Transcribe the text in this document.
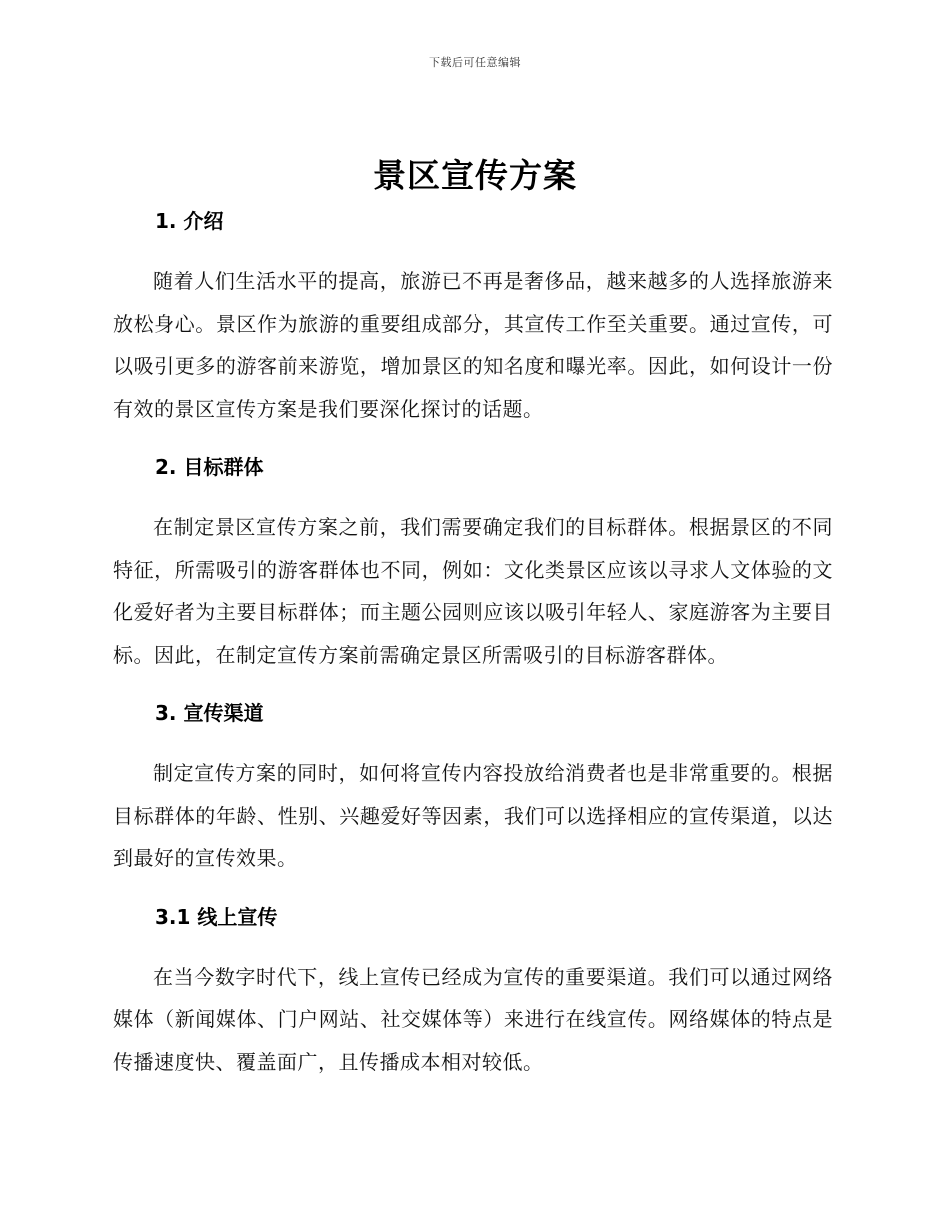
下载后可任意编辑
景区宣传方案
1. 介绍

随着人们生活水平的提高，旅游已不再是奢侈品，越来越多的人选择旅游来放松身心。景区作为旅游的重要组成部分，其宣传工作至关重要。通过宣传，可以吸引更多的游客前来游览，增加景区的知名度和曝光率。因此，如何设计一份有效的景区宣传方案是我们要深化探讨的话题。

2. 目标群体

在制定景区宣传方案之前，我们需要确定我们的目标群体。根据景区的不同特征，所需吸引的游客群体也不同，例如：文化类景区应该以寻求人文体验的文化爱好者为主要目标群体；而主题公园则应该以吸引年轻人、家庭游客为主要目标。因此，在制定宣传方案前需确定景区所需吸引的目标游客群体。

3. 宣传渠道

制定宣传方案的同时，如何将宣传内容投放给消费者也是非常重要的。根据目标群体的年龄、性别、兴趣爱好等因素，我们可以选择相应的宣传渠道，以达到最好的宣传效果。

3.1 线上宣传

在当今数字时代下，线上宣传已经成为宣传的重要渠道。我们可以通过网络媒体（新闻媒体、门户网站、社交媒体等）来进行在线宣传。网络媒体的特点是传播速度快、覆盖面广，且传播成本相对较低。
